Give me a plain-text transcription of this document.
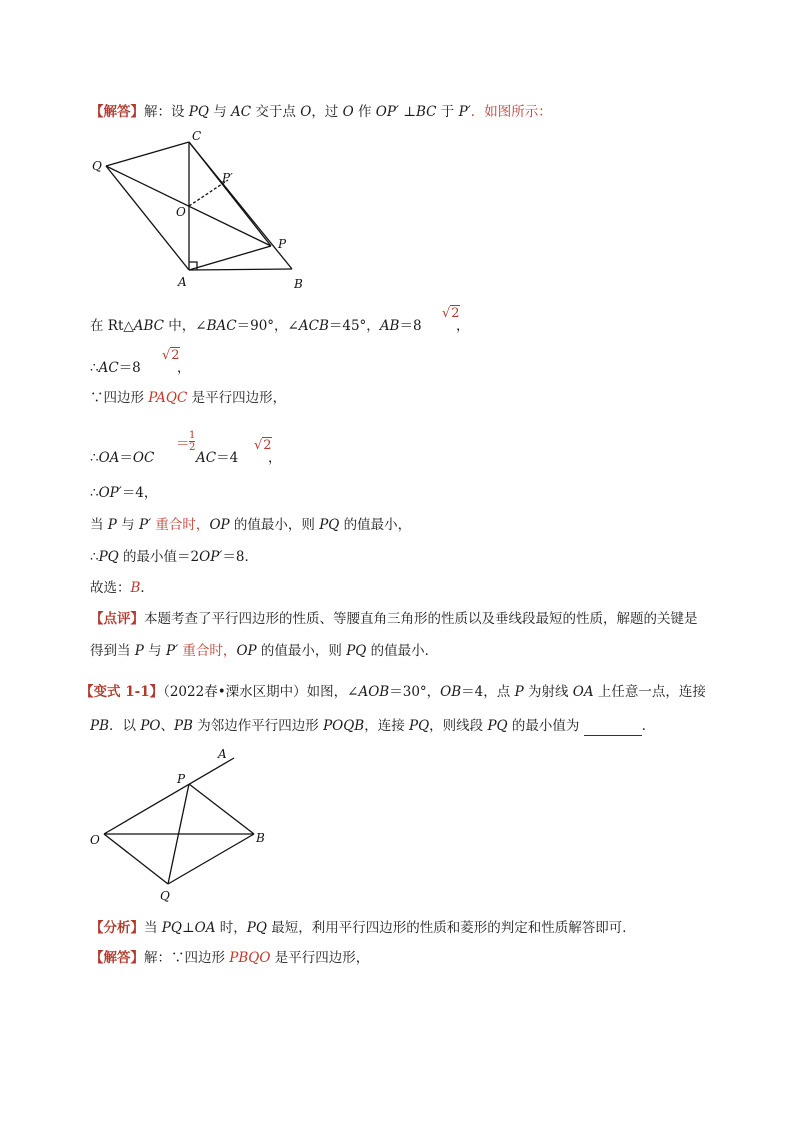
【解答】解：设 PQ 与 AC 交于点 O，过 O 作 OP′ ⊥BC 于 P′．如图所示：
C
Q
P′
O
P
A	B
在 Rt△ABC 中，∠BAC＝90°，∠ACB＝45°，AB＝8
√2
，
∴AC＝8
√2
，
∵四边形 PAQC 是平行四边形，
∴OA＝OC
＝ $\frac{1}{2}$
AC＝4
√2
，
∴OP′＝4，
当 P 与 P′ 重合时，OP 的值最小，则 PQ 的值最小，
∴PQ 的最小值＝2OP′＝8．
故选：B．
【点评】本题考查了平行四边形的性质、等腰直角三角形的性质以及垂线段最短的性质，解题的关键是
得到当 P 与 P′ 重合时，OP 的值最小，则 PQ 的值最小．
【变式 1-1】（2022春•溧水区期中）如图，∠AOB＝30°，OB＝4，点 P 为射线 OA 上任意一点，连接
PB．以 PO、PB 为邻边作平行四边形 POQB，连接 PQ，则线段 PQ 的最小值为	．
A
P
O	B
Q
【分析】当 PQ⊥OA 时，PQ 最短，利用平行四边形的性质和菱形的判定和性质解答即可．
【解答】解：∵四边形 PBQO 是平行四边形，
